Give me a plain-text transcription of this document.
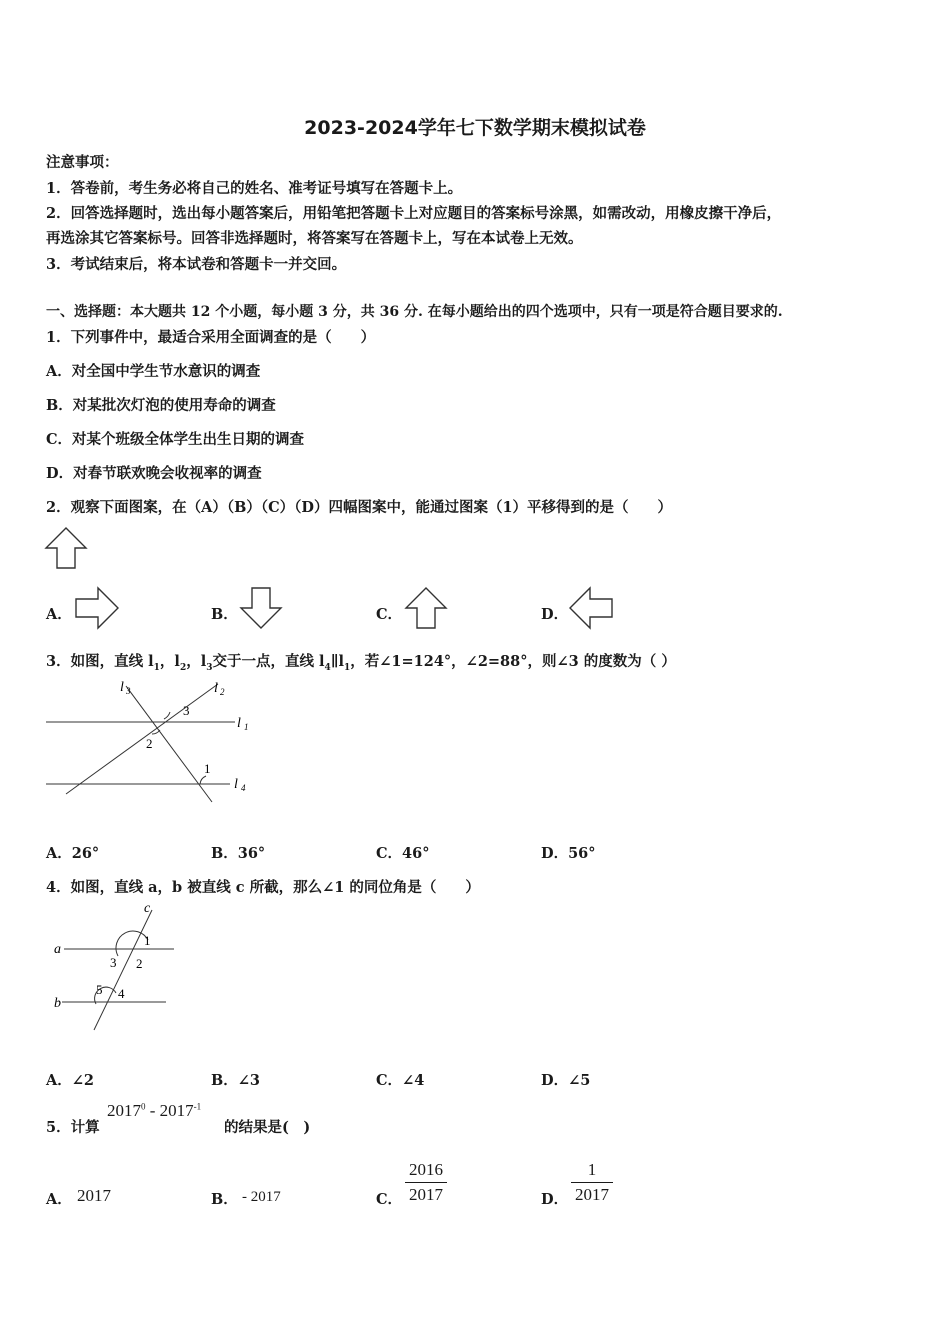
2023-2024学年七下数学期末模拟试卷
注意事项：
1．答卷前，考生务必将自己的姓名、准考证号填写在答题卡上。
2．回答选择题时，选出每小题答案后，用铅笔把答题卡上对应题目的答案标号涂黑，如需改动，用橡皮擦干净后，
再选涂其它答案标号。回答非选择题时，将答案写在答题卡上，写在本试卷上无效。
3．考试结束后，将本试卷和答题卡一并交回。
一、选择题：本大题共 12 个小题，每小题 3 分，共 36 分. 在每小题给出的四个选项中，只有一项是符合题目要求的.
1．下列事件中，最适合采用全面调查的是（　　）
A．对全国中学生节水意识的调查
B．对某批次灯泡的使用寿命的调查
C．对某个班级全体学生出生日期的调查
D．对春节联欢晚会收视率的调查
2．观察下面图案，在（A）（B）（C）（D）四幅图案中，能通过图案（1）平移得到的是（　　）
A．	B．	C．	D．
3．如图，直线 $l_1$，$l_2$，$l_3$交于一点，直线 $l_4\parallel l_1$，若∠1=124°，∠2=88°，则∠3 的度数为（ ）
l 3	l 2
l 1
l 4
3
2
1
A．26°	B．36°	C．46°	D．56°
4．如图，直线 a，b 被直线 c 所截，那么∠1 的同位角是（　　）
c
a
b
1
2
3
4
5
A．∠2	B．∠3	C．∠4	D．∠5
5．计算
$2017^0 - 2017^{-1}$
的结果是(　)
A． 2017	B． - 2017	C． $\frac{2016}{2017}$	D． $\frac{1}{2017}$
